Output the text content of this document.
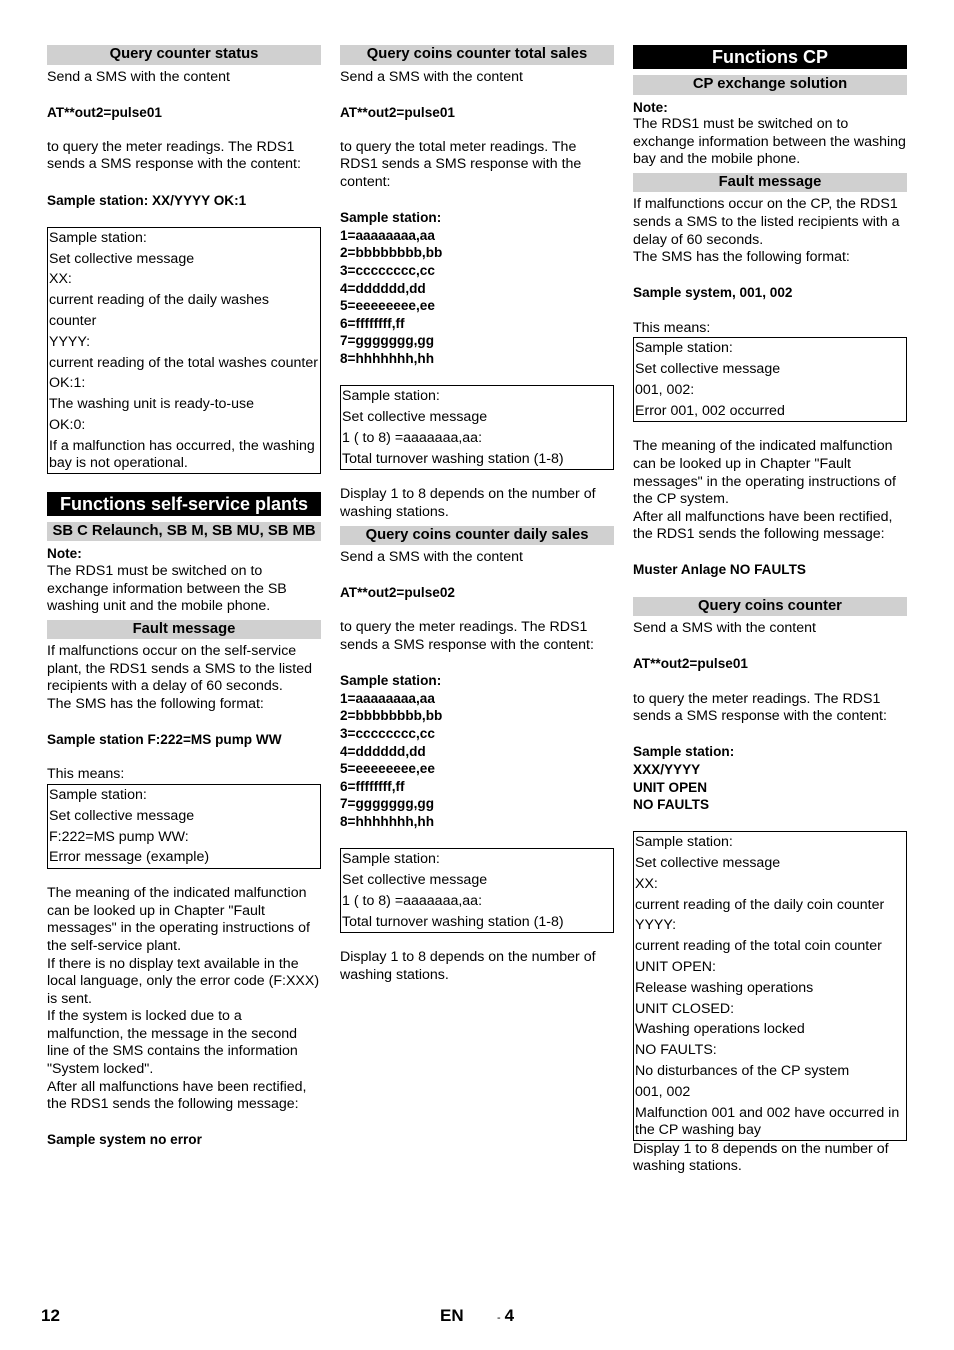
Query counter status

Send a SMS with the content

AT**out2=pulse01

to query the meter readings. The RDS1 sends a SMS response with the content:

Sample station: XX/YYYY OK:1

Sample station:
Set collective message
XX:
current reading of the daily washes counter
YYYY:
current reading of the total washes counter
OK:1:
The washing unit is ready-to-use
OK:0:
If a malfunction has occurred, the washing bay is not operational.
Functions self-service plants
SB C Relaunch, SB M, SB MU, SB MB

Note:

The RDS1 must be switched on to exchange information between the SB washing unit and the mobile phone.

Fault message

If malfunctions occur on the self-service plant, the RDS1 sends a SMS to the listed recipients with a delay of 60 seconds.

The SMS has the following format:

Sample station F:222=MS pump WW

This means:

Sample station:
Set collective message
F:222=MS pump WW:
Error message (example)

The meaning of the indicated malfunction can be looked up in Chapter "Fault messages" in the operating instructions of the self-service plant.

If there is no display text available in the local language, only the error code (F:XXX) is sent.

If the system is locked due to a malfunction, the message in the second line of the SMS contains the information "System locked".

After all malfunctions have been rectified, the RDS1 sends the following message:

Sample system no error

Query coins counter total sales

Send a SMS with the content

AT**out2=pulse01

to query the total meter readings. The RDS1 sends a SMS response with the content:

Sample station:

1=aaaaaaaa,aa

2=bbbbbbbb,bb

3=cccccccc,cc

4=dddddd,dd

5=eeeeeeee,ee

6=ffffffff,ff

7=ggggggg,gg

8=hhhhhhh,hh

Sample station:
Set collective message
1 ( to 8) =aaaaaaa,aa:
Total turnover washing station (1-8)

Display 1 to 8 depends on the number of washing stations.

Query coins counter daily sales

Send a SMS with the content

AT**out2=pulse02

to query the meter readings. The RDS1 sends a SMS response with the content:

Sample station:

1=aaaaaaaa,aa

2=bbbbbbbb,bb

3=cccccccc,cc

4=dddddd,dd

5=eeeeeeee,ee

6=ffffffff,ff

7=ggggggg,gg

8=hhhhhhh,hh

Sample station:
Set collective message
1 ( to 8) =aaaaaaa,aa:
Total turnover washing station (1-8)

Display 1 to 8 depends on the number of washing stations.

Functions CP
CP exchange solution

Note:

The RDS1 must be switched on to exchange information between the washing bay and the mobile phone.

Fault message

If malfunctions occur on the CP, the RDS1 sends a SMS to the listed recipients with a delay of 60 seconds.

The SMS has the following format:

Sample system, 001, 002

This means:

Sample station:
Set collective message
001, 002:
Error 001, 002 occurred

The meaning of the indicated malfunction can be looked up in Chapter "Fault messages" in the operating instructions of the CP system.

After all malfunctions have been rectified, the RDS1 sends the following message:

Muster Anlage NO FAULTS

Query coins counter

Send a SMS with the content

AT**out2=pulse01

to query the meter readings. The RDS1 sends a SMS response with the content:

Sample station:

XXX/YYYY

UNIT OPEN

NO FAULTS

Sample station:
Set collective message
XX:
current reading of the daily coin counter
YYYY:
current reading of the total coin counter
UNIT OPEN:
Release washing operations
UNIT CLOSED:
Washing operations locked
NO FAULTS:
No disturbances of the CP system
001, 002
Malfunction 001 and 002 have occurred in the CP washing bay

Display 1 to 8 depends on the number of washing stations.

12	EN	- 4
